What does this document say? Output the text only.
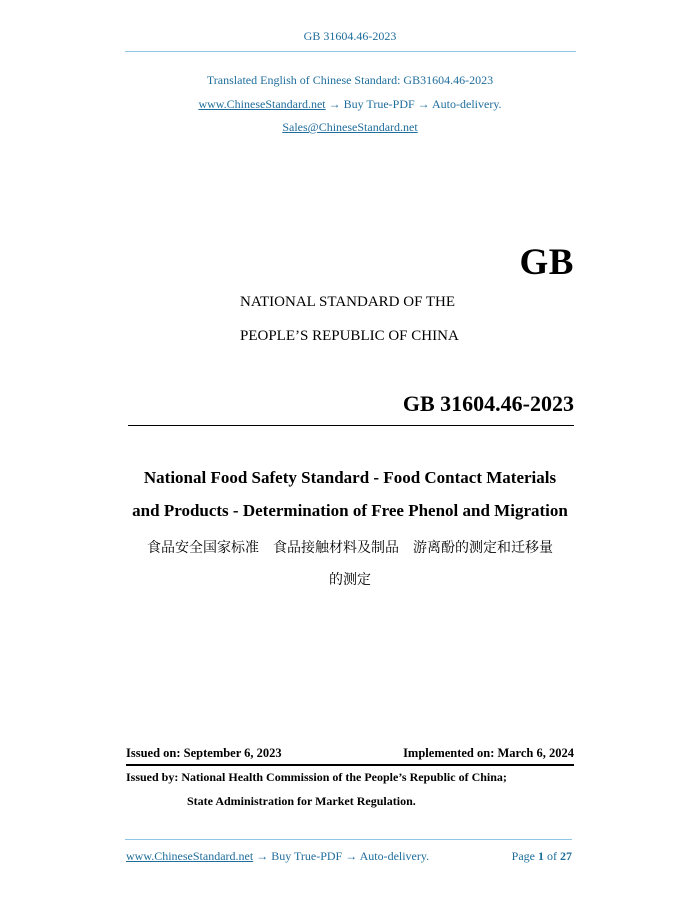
GB 31604.46-2023
Translated English of Chinese Standard: GB31604.46-2023
www.ChineseStandard.net → Buy True-PDF → Auto-delivery.
Sales@ChineseStandard.net
GB
NATIONAL STANDARD OF THE
PEOPLE’S REPUBLIC OF CHINA
GB 31604.46-2023
National Food Safety Standard - Food Contact Materials
and Products - Determination of Free Phenol and Migration
食品安全国家标准　食品接触材料及制品　游离酚的测定和迁移量
的测定
Issued on: September 6, 2023	Implemented on: March 6, 2024
Issued by: National Health Commission of the People’s Republic of China;
State Administration for Market Regulation.
www.ChineseStandard.net → Buy True-PDF → Auto-delivery.	Page 1 of 27
